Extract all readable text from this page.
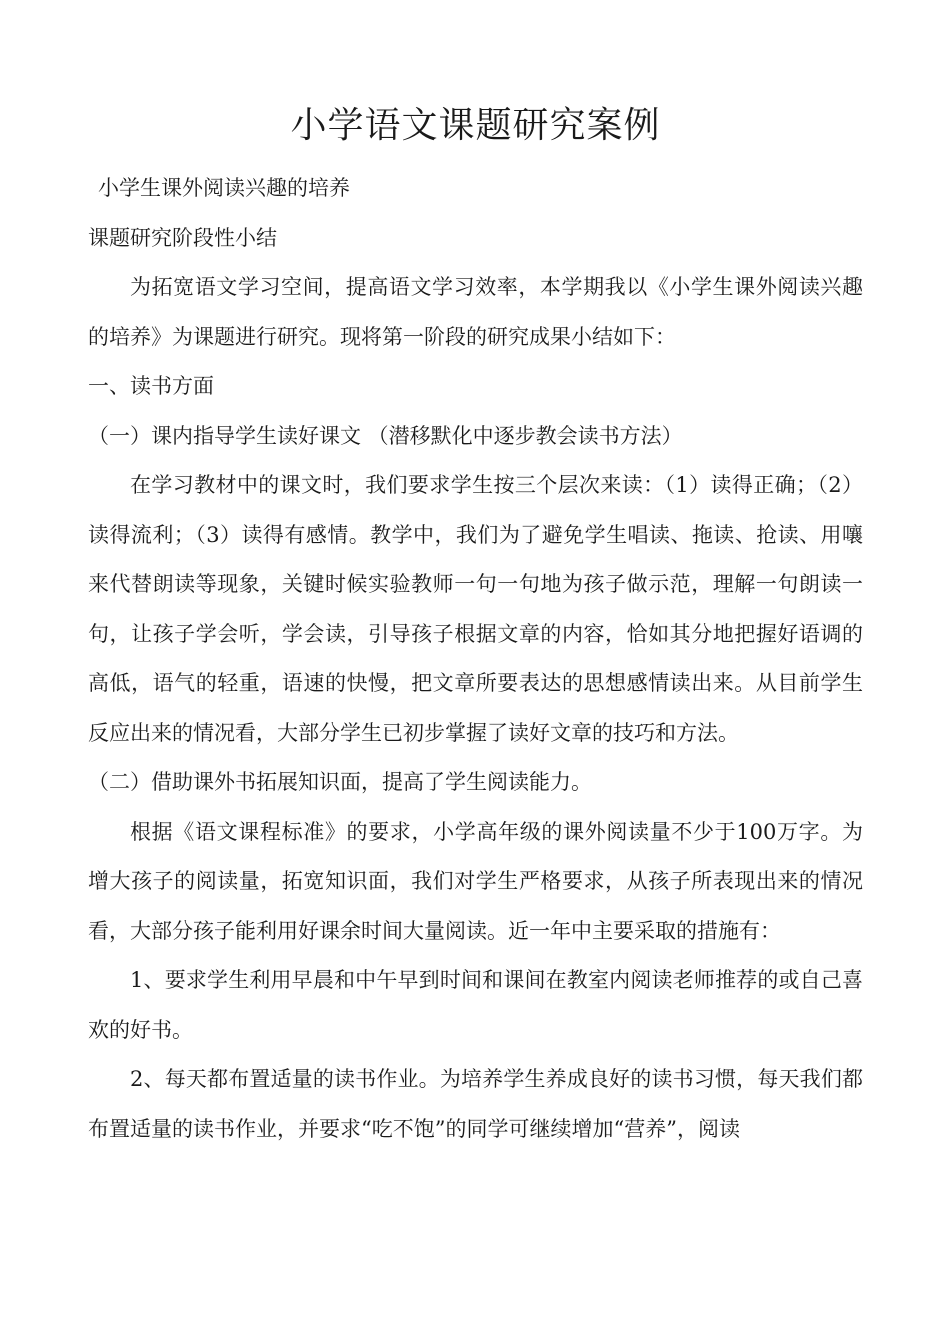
小学语文课题研究案例

小学生课外阅读兴趣的培养

课题研究阶段性小结

为拓宽语文学习空间，提高语文学习效率，本学期我以《小学生课外阅读兴趣的培养》为课题进行研究。现将第一阶段的研究成果小结如下：

一、读书方面

（一）课内指导学生读好课文 （潜移默化中逐步教会读书方法）

在学习教材中的课文时，我们要求学生按三个层次来读：（1）读得正确；（2）读得流利；（3）读得有感情。教学中，我们为了避免学生唱读、拖读、抢读、用嚷来代替朗读等现象，关键时候实验教师一句一句地为孩子做示范，理解一句朗读一句，让孩子学会听，学会读，引导孩子根据文章的内容，恰如其分地把握好语调的高低，语气的轻重，语速的快慢，把文章所要表达的思想感情读出来。从目前学生反应出来的情况看，大部分学生已初步掌握了读好文章的技巧和方法。

（二）借助课外书拓展知识面，提高了学生阅读能力。

根据《语文课程标准》的要求，小学高年级的课外阅读量不少于100万字。为增大孩子的阅读量，拓宽知识面，我们对学生严格要求，从孩子所表现出来的情况看，大部分孩子能利用好课余时间大量阅读。近一年中主要采取的措施有：

1、要求学生利用早晨和中午早到时间和课间在教室内阅读老师推荐的或自己喜欢的好书。

2、每天都布置适量的读书作业。为培养学生养成良好的读书习惯，每天我们都布置适量的读书作业，并要求“吃不饱”的同学可继续增加“营养”，阅读
